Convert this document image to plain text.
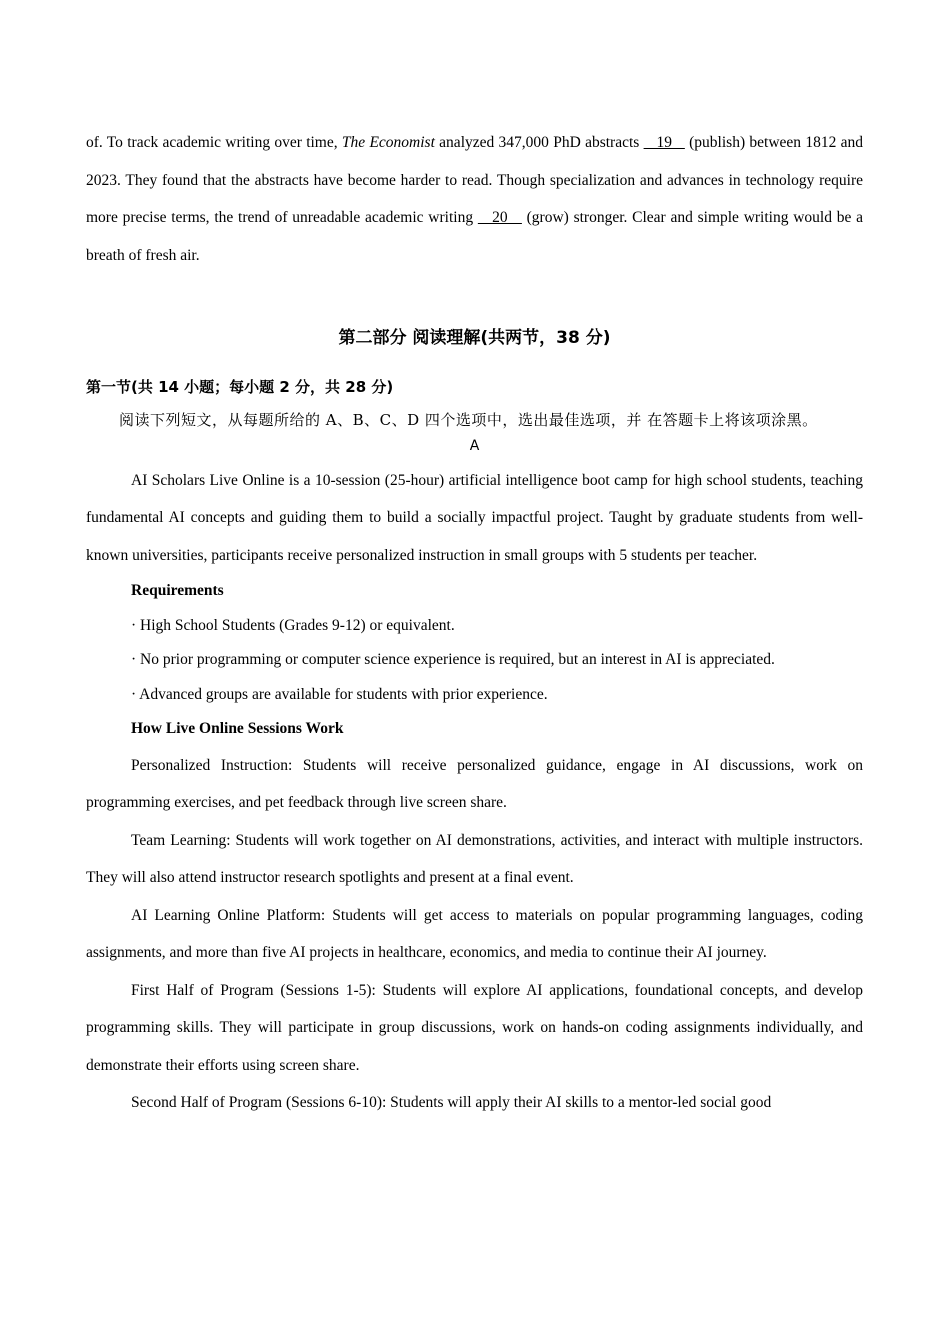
of. To track academic writing over time, The Economist analyzed 347,000 PhD abstracts    19    (publish) between 1812 and 2023. They found that the abstracts have become harder to read. Though specialization and advances in technology require more precise terms, the trend of unreadable academic writing    20    (grow) stronger. Clear and simple writing would be a breath of fresh air.

第二部分 阅读理解(共两节，38 分)
第一节(共 14 小题；每小题 2 分，共 28 分)

阅读下列短文，从每题所给的 A、B、C、D 四个选项中，选出最佳选项，并 在答题卡上将该项涂黑。

A

AI Scholars Live Online is a 10-session (25-hour) artificial intelligence boot camp for high school students, teaching fundamental AI concepts and guiding them to build a socially impactful project. Taught by graduate students from well-known universities, participants receive personalized instruction in small groups with 5 students per teacher.

Requirements
· High School Students (Grades 9-12) or equivalent.
· No prior programming or computer science experience is required, but an interest in AI is appreciated.
· Advanced groups are available for students with prior experience.
How Live Online Sessions Work

Personalized Instruction: Students will receive personalized guidance, engage in AI discussions, work on programming exercises, and pet feedback through live screen share.

Team Learning: Students will work together on AI demonstrations, activities, and interact with multiple instructors. They will also attend instructor research spotlights and present at a final event.

AI Learning Online Platform: Students will get access to materials on popular programming languages, coding assignments, and more than five AI projects in healthcare, economics, and media to continue their AI journey.

First Half of Program (Sessions 1-5): Students will explore AI applications, foundational concepts, and develop programming skills. They will participate in group discussions, work on hands-on coding assignments individually, and demonstrate their efforts using screen share.

Second Half of Program (Sessions 6-10): Students will apply their AI skills to a mentor-led social good
